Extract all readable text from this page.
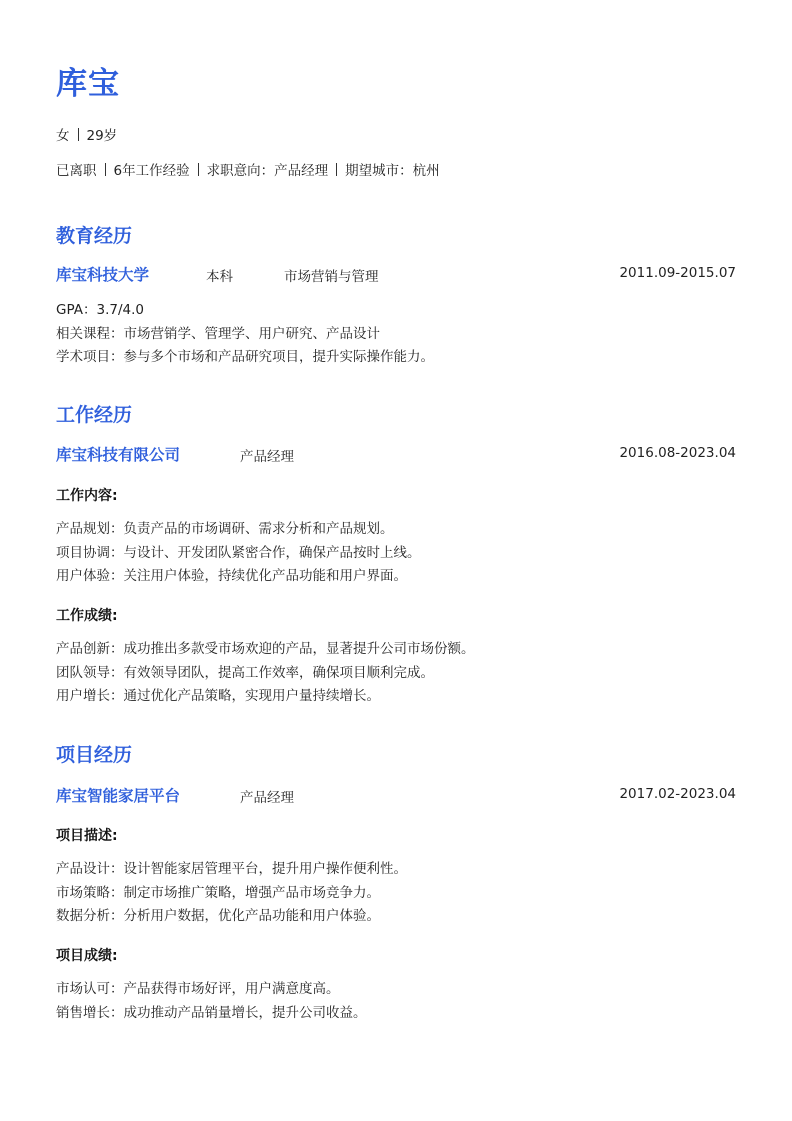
库宝
女 29岁
已离职 6年工作经验 求职意向：产品经理 期望城市：杭州
教育经历
库宝科技大学	本科	市场营销与管理	2011.09-2015.07
GPA：3.7/4.0
相关课程：市场营销学、管理学、用户研究、产品设计
学术项目：参与多个市场和产品研究项目，提升实际操作能力。
工作经历
库宝科技有限公司	产品经理	2016.08-2023.04
工作内容:
产品规划：负责产品的市场调研、需求分析和产品规划。
项目协调：与设计、开发团队紧密合作，确保产品按时上线。
用户体验：关注用户体验，持续优化产品功能和用户界面。
工作成绩:
产品创新：成功推出多款受市场欢迎的产品，显著提升公司市场份额。
团队领导：有效领导团队，提高工作效率，确保项目顺利完成。
用户增长：通过优化产品策略，实现用户量持续增长。
项目经历
库宝智能家居平台	产品经理	2017.02-2023.04
项目描述:
产品设计：设计智能家居管理平台，提升用户操作便利性。
市场策略：制定市场推广策略，增强产品市场竞争力。
数据分析：分析用户数据，优化产品功能和用户体验。
项目成绩:
市场认可：产品获得市场好评，用户满意度高。
销售增长：成功推动产品销量增长，提升公司收益。
